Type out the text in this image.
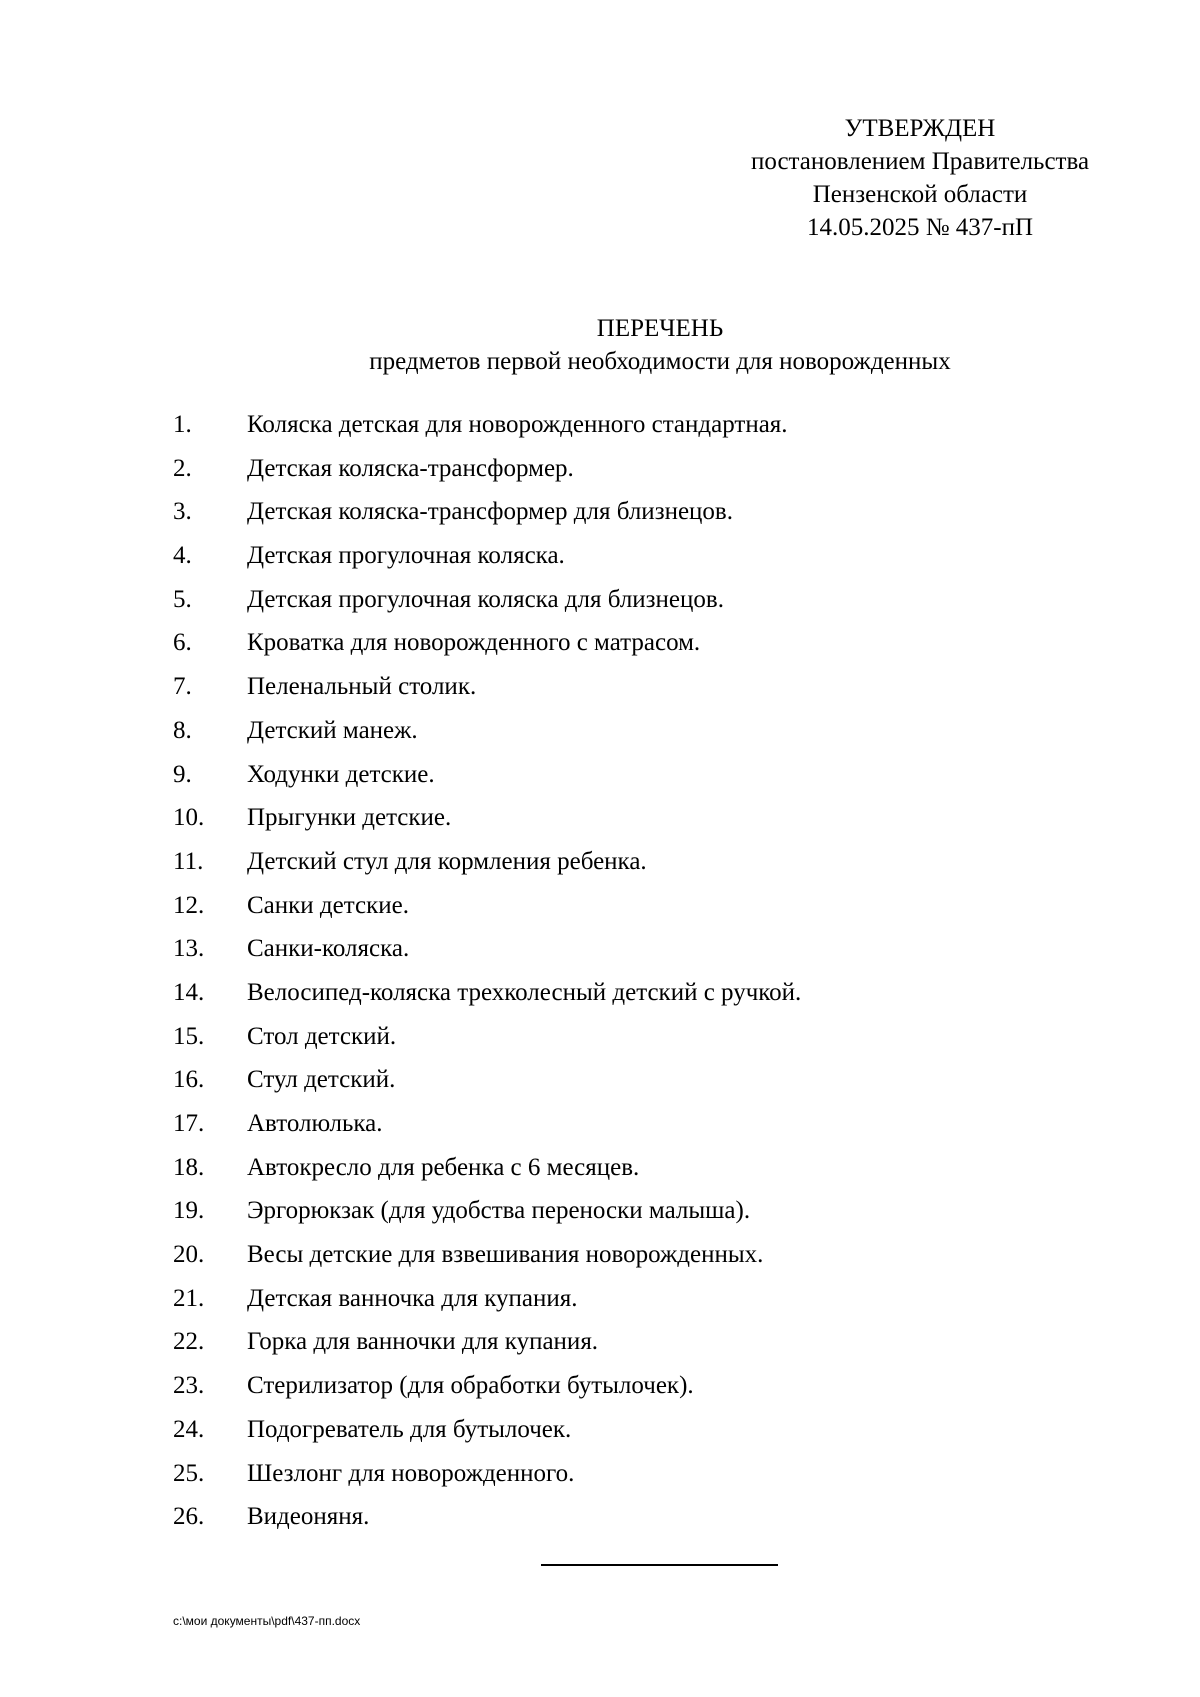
УТВЕРЖДЕН
постановлением Правительства
Пензенской области
14.05.2025 № 437-пП
ПЕРЕЧЕНЬ
предметов первой необходимости для новорожденных
1.	Коляска детская для новорожденного стандартная.
2.	Детская коляска-трансформер.
3.	Детская коляска-трансформер для близнецов.
4.	Детская прогулочная коляска.
5.	Детская прогулочная коляска для близнецов.
6.	Кроватка для новорожденного с матрасом.
7.	Пеленальный столик.
8.	Детский манеж.
9.	Ходунки детские.
10.	Прыгунки детские.
11.	Детский стул для кормления ребенка.
12.	Санки детские.
13.	Санки-коляска.
14.	Велосипед-коляска трехколесный детский с ручкой.
15.	Стол детский.
16.	Стул детский.
17.	Автолюлька.
18.	Автокресло для ребенка с 6 месяцев.
19.	Эргорюкзак (для удобства переноски малыша).
20.	Весы детские для взвешивания новорожденных.
21.	Детская ванночка для купания.
22.	Горка для ванночки для купания.
23.	Стерилизатор (для обработки бутылочек).
24.	Подогреватель для бутылочек.
25.	Шезлонг для новорожденного.
26.	Видеоняня.
c:\мои документы\pdf\437-пп.docx
